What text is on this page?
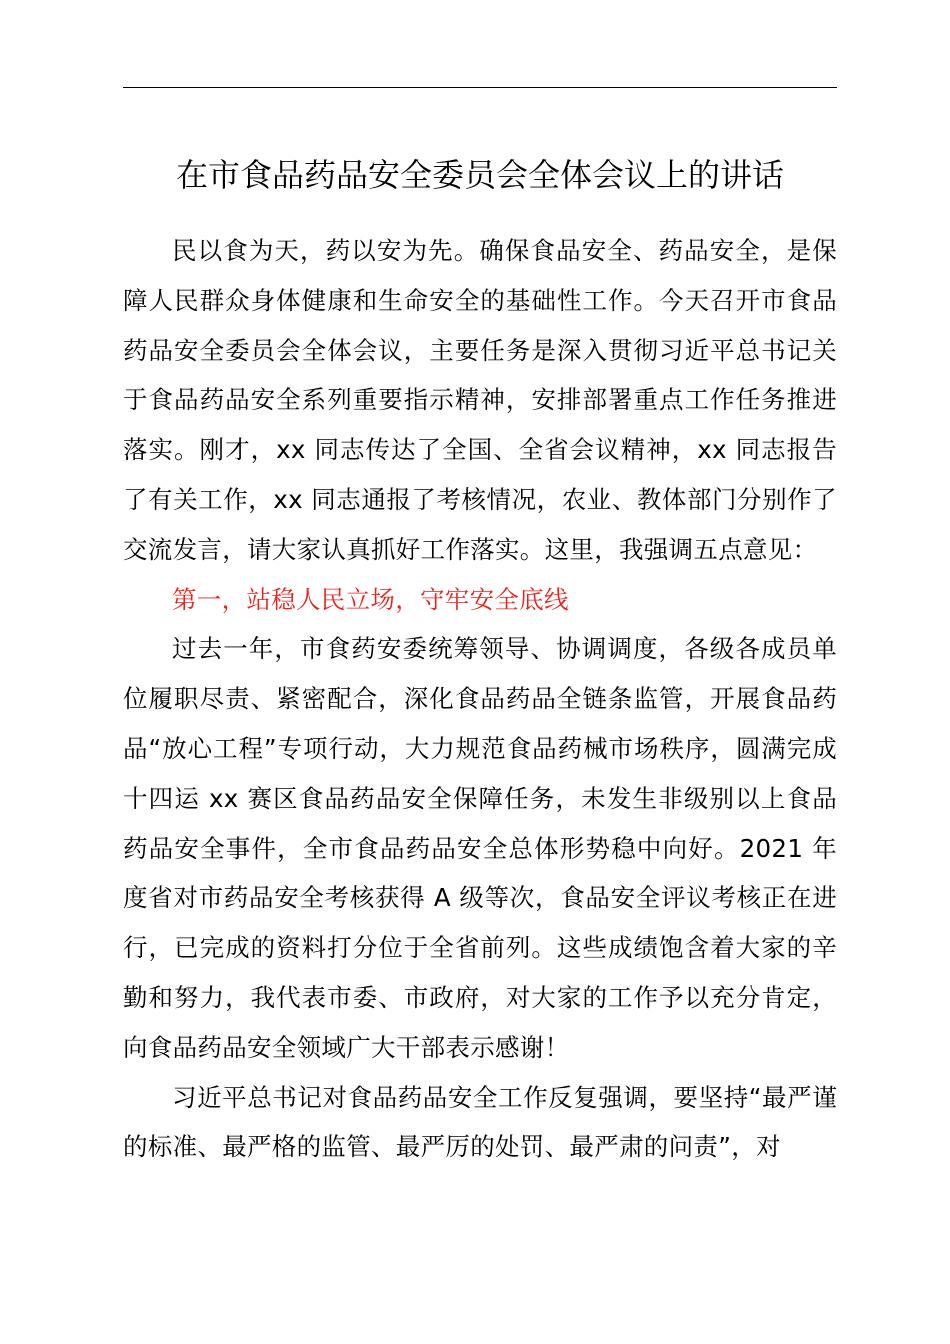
在市食品药品安全委员会全体会议上的讲话

民以食为天，药以安为先。确保食品安全、药品安全，是保障人民群众身体健康和生命安全的基础性工作。今天召开市食品药品安全委员会全体会议，主要任务是深入贯彻习近平总书记关于食品药品安全系列重要指示精神，安排部署重点工作任务推进落实。刚才，xx 同志传达了全国、全省会议精神，xx 同志报告了有关工作，xx 同志通报了考核情况，农业、教体部门分别作了交流发言，请大家认真抓好工作落实。这里，我强调五点意见：

第一，站稳人民立场，守牢安全底线

过去一年，市食药安委统筹领导、协调调度，各级各成员单位履职尽责、紧密配合，深化食品药品全链条监管，开展食品药品“放心工程”专项行动，大力规范食品药械市场秩序，圆满完成十四运 xx 赛区食品药品安全保障任务，未发生非级别以上食品药品安全事件，全市食品药品安全总体形势稳中向好。2021 年度省对市药品安全考核获得 A 级等次，食品安全评议考核正在进行，已完成的资料打分位于全省前列。这些成绩饱含着大家的辛勤和努力，我代表市委、市政府，对大家的工作予以充分肯定，向食品药品安全领域广大干部表示感谢！

习近平总书记对食品药品安全工作反复强调，要坚持“最严谨的标准、最严格的监管、最严厉的处罚、最严肃的问责”，对
